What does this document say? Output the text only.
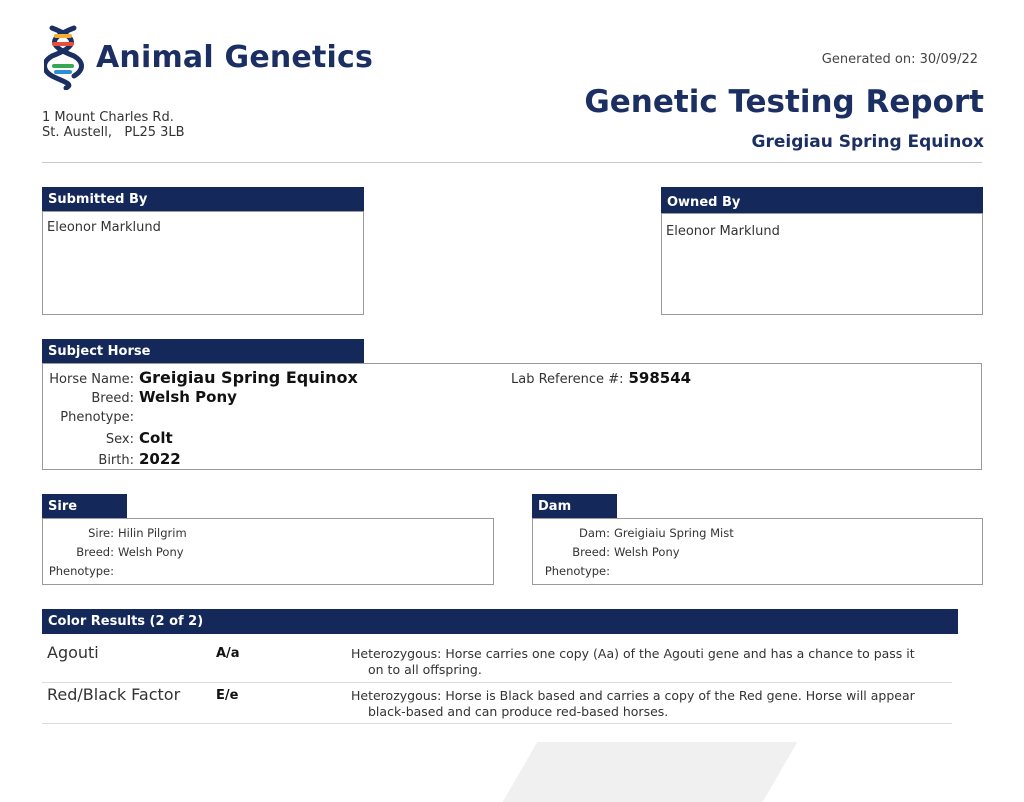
Animal Genetics
1 Mount Charles Rd.
St. Austell,   PL25 3LB
Generated on: 30/09/22
Genetic Testing Report
Greigiau Spring Equinox
Submitted By
Eleonor Marklund
Owned By
Eleonor Marklund
Subject Horse
Horse Name: Greigiau Spring Equinox
Breed: Welsh Pony
Phenotype:
Sex: Colt
Birth: 2022
Lab Reference #: 598544
Sire
Sire: Hilin Pilgrim
Breed: Welsh Pony
Phenotype:
Dam
Dam: Greigiaiu Spring Mist
Breed: Welsh Pony
Phenotype:
Color Results (2 of 2)
Agouti	A/a	Heterozygous: Horse carries one copy (Aa) of the Agouti gene and has a chance to pass it
on to all offspring.
Red/Black Factor	E/e	Heterozygous: Horse is Black based and carries a copy of the Red gene. Horse will appear
black-based and can produce red-based horses.
